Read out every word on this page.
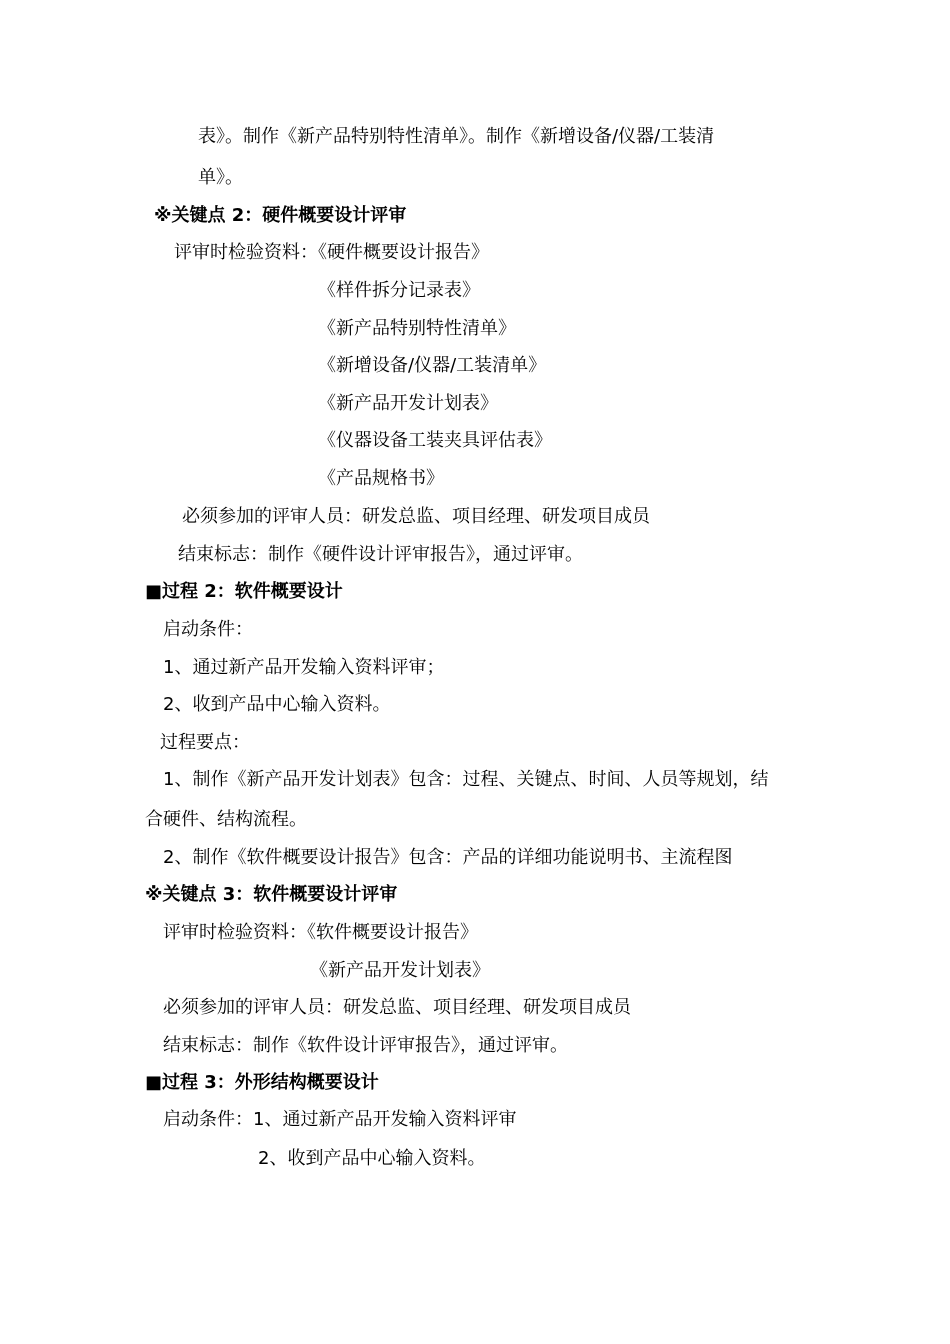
表》。制作《新产品特别特性清单》。制作《新增设备/仪器/工装清
单》。
※关键点 2：硬件概要设计评审
评审时检验资料：《硬件概要设计报告》
《样件拆分记录表》
《新产品特别特性清单》
《新增设备/仪器/工装清单》
《新产品开发计划表》
《仪器设备工装夹具评估表》
《产品规格书》
必须参加的评审人员：研发总监、项目经理、研发项目成员
结束标志：制作《硬件设计评审报告》，通过评审。
■过程 2：软件概要设计
启动条件：
1、通过新产品开发输入资料评审；
2、收到产品中心输入资料。
过程要点：
1、制作《新产品开发计划表》包含：过程、关键点、时间、人员等规划，结
合硬件、结构流程。
2、制作《软件概要设计报告》包含：产品的详细功能说明书、主流程图
※关键点 3：软件概要设计评审
评审时检验资料：《软件概要设计报告》
《新产品开发计划表》
必须参加的评审人员：研发总监、项目经理、研发项目成员
结束标志：制作《软件设计评审报告》，通过评审。
■过程 3：外形结构概要设计
启动条件：1、通过新产品开发输入资料评审
2、收到产品中心输入资料。
